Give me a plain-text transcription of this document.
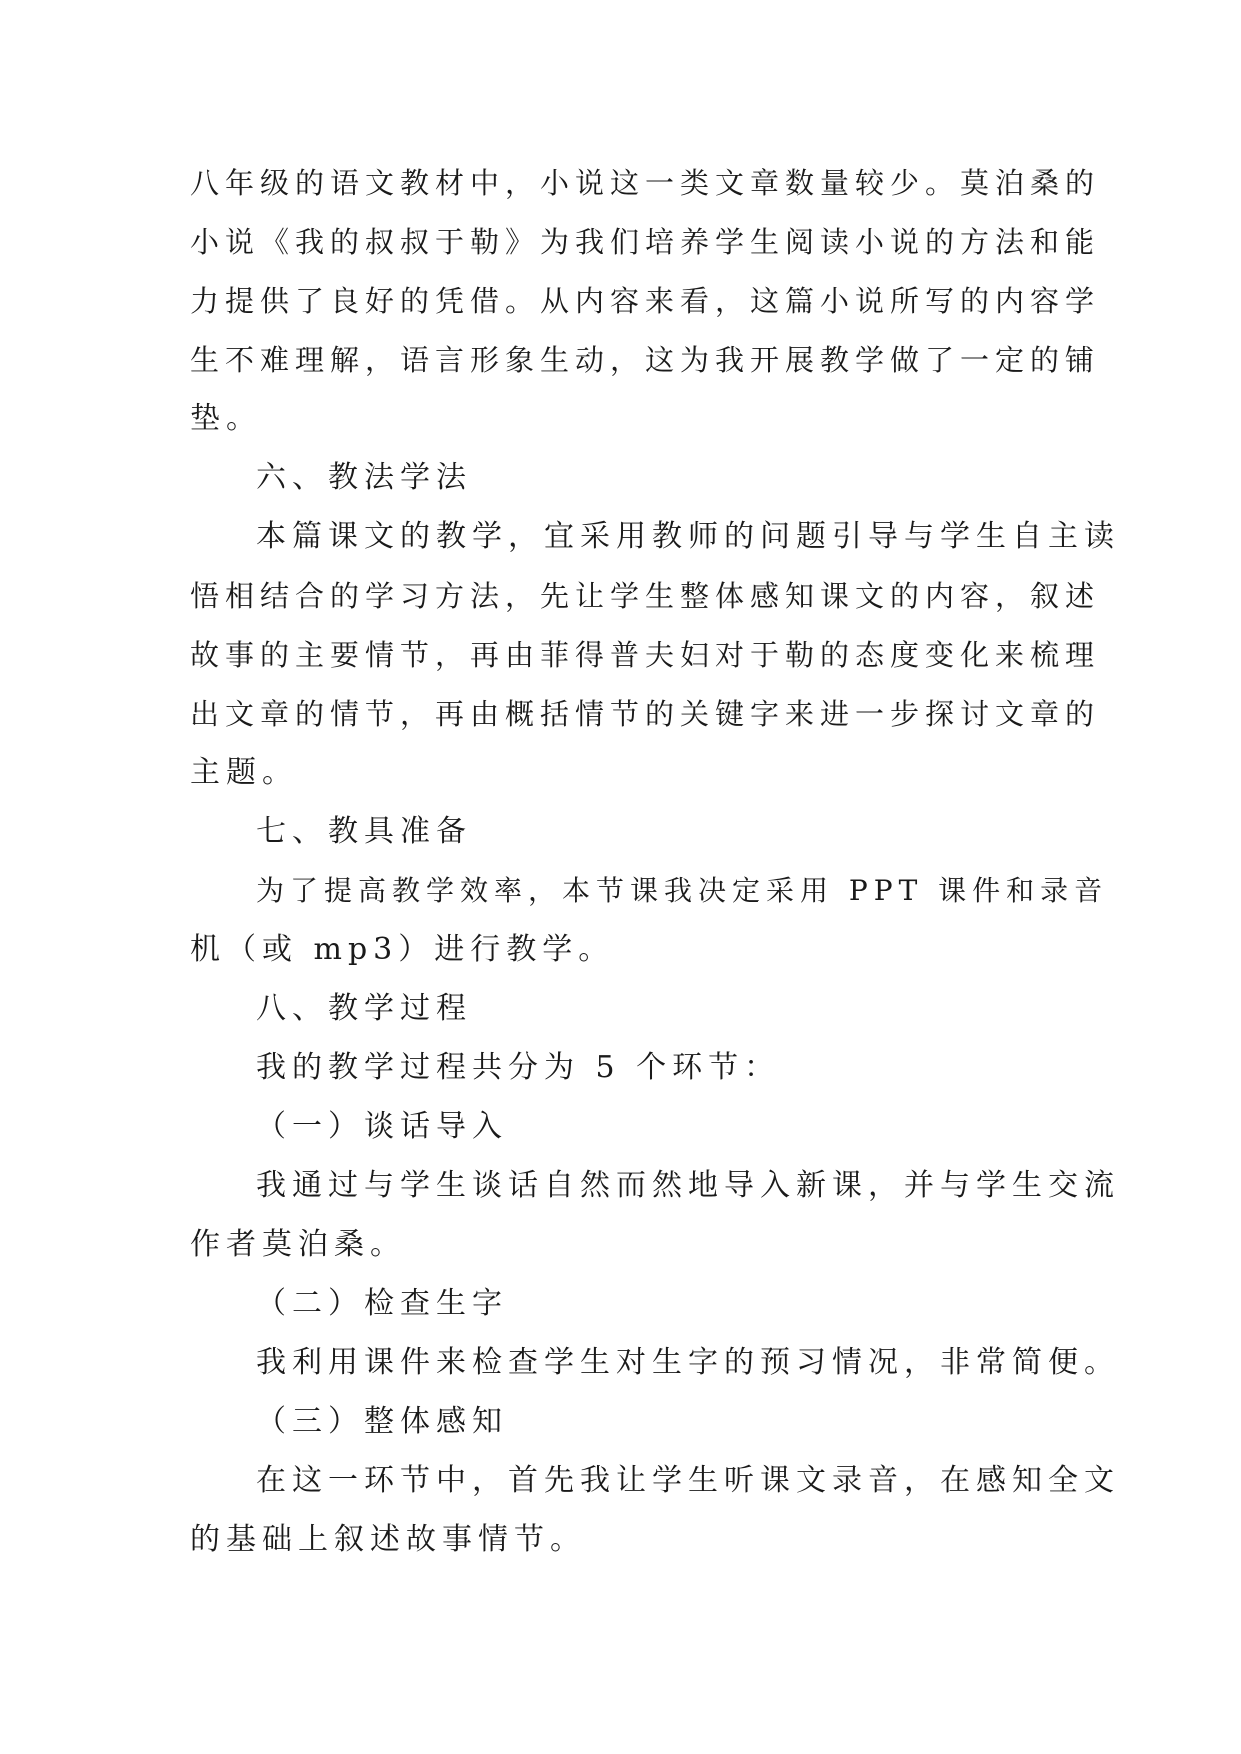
八年级的语文教材中，小说这一类文章数量较少。莫泊桑的
小说《我的叔叔于勒》为我们培养学生阅读小说的方法和能
力提供了良好的凭借。从内容来看，这篇小说所写的内容学
生不难理解，语言形象生动，这为我开展教学做了一定的铺
垫。
六、教法学法
本篇课文的教学，宜采用教师的问题引导与学生自主读
悟相结合的学习方法，先让学生整体感知课文的内容，叙述
故事的主要情节，再由菲得普夫妇对于勒的态度变化来梳理
出文章的情节，再由概括情节的关键字来进一步探讨文章的
主题。
七、教具准备
为了提高教学效率，本节课我决定采用 PPT 课件和录音
机（或 mp3）进行教学。
八、教学过程
我的教学过程共分为 5 个环节：
（一）谈话导入
我通过与学生谈话自然而然地导入新课，并与学生交流
作者莫泊桑。
（二）检查生字
我利用课件来检查学生对生字的预习情况，非常简便。
（三）整体感知
在这一环节中，首先我让学生听课文录音，在感知全文
的基础上叙述故事情节。
